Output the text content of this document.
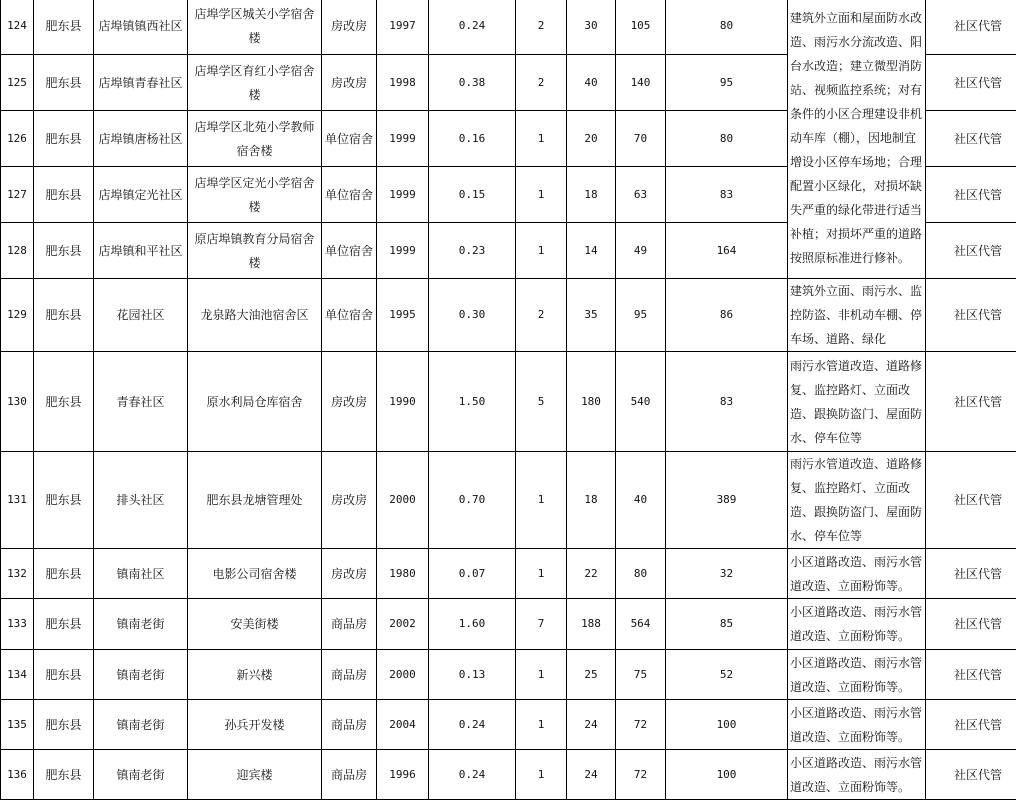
124	肥东县	店埠镇镇西社区	店埠学区城关小学宿舍楼	房改房	1997	0.24	2	30	105	80	建筑外立面和屋面防水改造、雨污水分流改造、阳台水改造；建立微型消防站、视频监控系统；对有条件的小区合理建设非机动车库（棚），因地制宜增设小区停车场地；合理配置小区绿化，对损坏缺失严重的绿化带进行适当补植；对损坏严重的道路按照原标准进行修补。	社区代管	
125	肥东县	店埠镇青春社区	店埠学区育红小学宿舍楼	房改房	1998	0.38	2	40	140	95		社区代管	
126	肥东县	店埠镇唐杨社区	店埠学区北苑小学教师宿舍楼	单位宿舍	1999	0.16	1	20	70	80		社区代管	
127	肥东县	店埠镇定光社区	店埠学区定光小学宿舍楼	单位宿舍	1999	0.15	1	18	63	83		社区代管	
128	肥东县	店埠镇和平社区	原店埠镇教育分局宿舍楼	单位宿舍	1999	0.23	1	14	49	164		社区代管	
129	肥东县	花园社区	龙泉路大油池宿舍区	单位宿舍	1995	0.30	2	35	95	86	建筑外立面、雨污水、监控防盗、非机动车棚、停车场、道路、绿化	社区代管	
130	肥东县	青春社区	原水利局仓库宿舍	房改房	1990	1.50	5	180	540	83	雨污水管道改造、道路修复、监控路灯、立面改造、跟换防盗门、屋面防水、停车位等	社区代管	
131	肥东县	排头社区	肥东县龙塘管理处	房改房	2000	0.70	1	18	40	389	雨污水管道改造、道路修复、监控路灯、立面改造、跟换防盗门、屋面防水、停车位等	社区代管	
132	肥东县	镇南社区	电影公司宿舍楼	房改房	1980	0.07	1	22	80	32	小区道路改造、雨污水管道改造、立面粉饰等。	社区代管	
133	肥东县	镇南老街	安美街楼	商品房	2002	1.60	7	188	564	85	小区道路改造、雨污水管道改造、立面粉饰等。	社区代管	
134	肥东县	镇南老街	新兴楼	商品房	2000	0.13	1	25	75	52	小区道路改造、雨污水管道改造、立面粉饰等。	社区代管	
135	肥东县	镇南老街	孙兵开发楼	商品房	2004	0.24	1	24	72	100	小区道路改造、雨污水管道改造、立面粉饰等。	社区代管	
136	肥东县	镇南老街	迎宾楼	商品房	1996	0.24	1	24	72	100	小区道路改造、雨污水管道改造、立面粉饰等。	社区代管	
